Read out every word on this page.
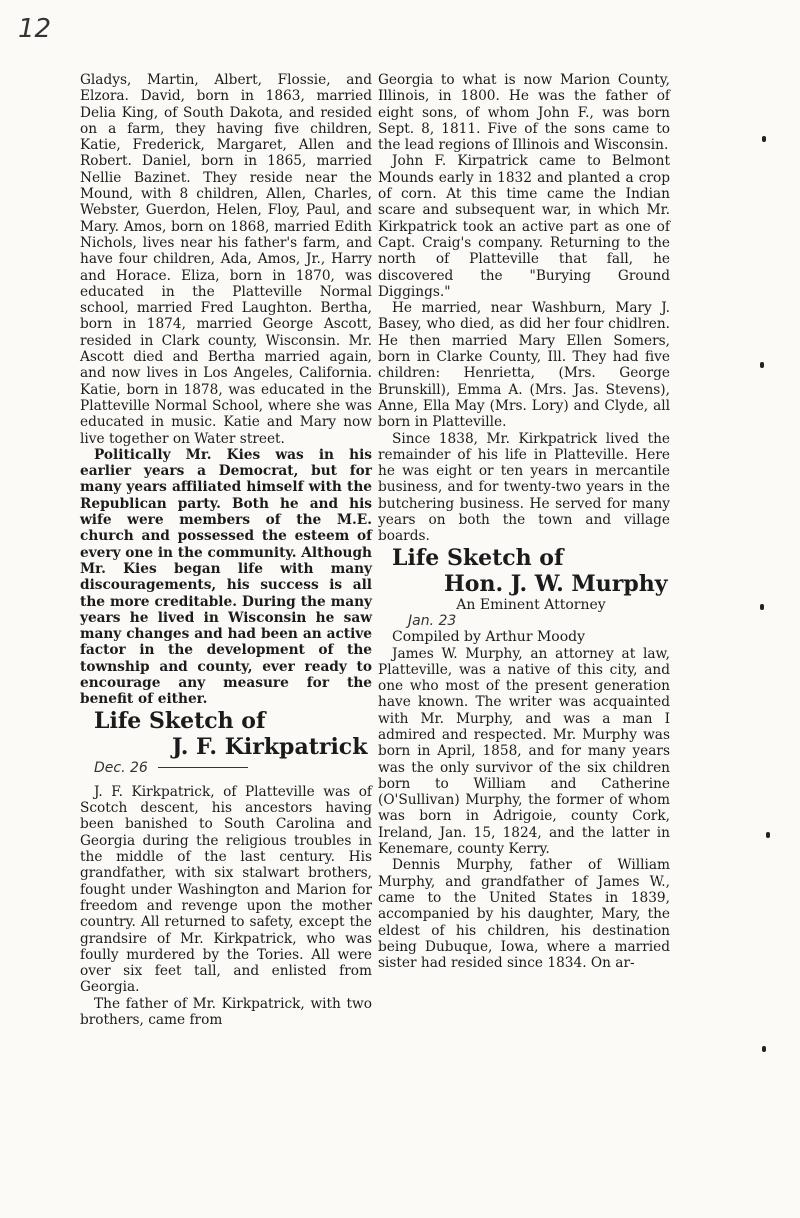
12

Gladys, Martin, Albert, Flossie, and Elzora. David, born in 1863, married Delia King, of South Dakota, and resided on a farm, they having five children, Katie, Frederick, Margaret, Allen and Robert. Daniel, born in 1865, married Nellie Bazinet. They reside near the Mound, with 8 children, Allen, Charles, Webster, Guerdon, Helen, Floy, Paul, and Mary. Amos, born on 1868, married Edith Nichols, lives near his father's farm, and have four children, Ada, Amos, Jr., Harry and Horace. Eliza, born in 1870, was educated in the Platteville Normal school, married Fred Laughton. Bertha, born in 1874, married George Ascott, resided in Clark county, Wisconsin. Mr. Ascott died and Bertha married again, and now lives in Los Angeles, California. Katie, born in 1878, was educated in the Platteville Normal School, where she was educated in music. Katie and Mary now live together on Water street.

Politically Mr. Kies was in his earlier years a Democrat, but for many years affiliated himself with the Republican party. Both he and his wife were members of the M.E. church and possessed the esteem of every one in the community. Although Mr. Kies began life with many discouragements, his success is all the more creditable. During the many years he lived in Wisconsin he saw many changes and had been an active factor in the development of the township and county, ever ready to encourage any measure for the benefit of either.

Life Sketch of

J. F. Kirkpatrick

Dec. 26

J. F. Kirkpatrick, of Platteville was of Scotch descent, his ancestors having been banished to South Carolina and Georgia during the religious troubles in the middle of the last century. His grandfather, with six stalwart brothers, fought under Washington and Marion for freedom and revenge upon the mother country. All returned to safety, except the grandsire of Mr. Kirkpatrick, who was foully murdered by the Tories. All were over six feet tall, and enlisted from Georgia.

The father of Mr. Kirkpatrick, with two brothers, came from

Georgia to what is now Marion County, Illinois, in 1800. He was the father of eight sons, of whom John F., was born Sept. 8, 1811. Five of the sons came to the lead regions of Illinois and Wisconsin.

John F. Kirpatrick came to Belmont Mounds early in 1832 and planted a crop of corn. At this time came the Indian scare and subsequent war, in which Mr. Kirkpatrick took an active part as one of Capt. Craig's company. Returning to the north of Platteville that fall, he discovered the "Burying Ground Diggings."

He married, near Washburn, Mary J. Basey, who died, as did her four chidlren. He then married Mary Ellen Somers, born in Clarke County, Ill. They had five children: Henrietta, (Mrs. George Brunskill), Emma A. (Mrs. Jas. Stevens), Anne, Ella May (Mrs. Lory) and Clyde, all born in Platteville.

Since 1838, Mr. Kirkpatrick lived the remainder of his life in Platteville. Here he was eight or ten years in mercantile business, and for twenty-two years in the butchering business. He served for many years on both the town and village boards.

Life Sketch of

Hon. J. W. Murphy

An Eminent Attorney

Jan. 23

Compiled by Arthur Moody

James W. Murphy, an attorney at law, Platteville, was a native of this city, and one who most of the present generation have known. The writer was acquainted with Mr. Murphy, and was a man I admired and respected. Mr. Murphy was born in April, 1858, and for many years was the only survivor of the six children born to William and Catherine (O'Sullivan) Murphy, the former of whom was born in Adrigoie, county Cork, Ireland, Jan. 15, 1824, and the latter in Kenemare, county Kerry.

Dennis Murphy, father of William Murphy, and grandfather of James W., came to the United States in 1839, accompanied by his daughter, Mary, the eldest of his children, his destination being Dubuque, Iowa, where a married sister had resided since 1834. On ar-
